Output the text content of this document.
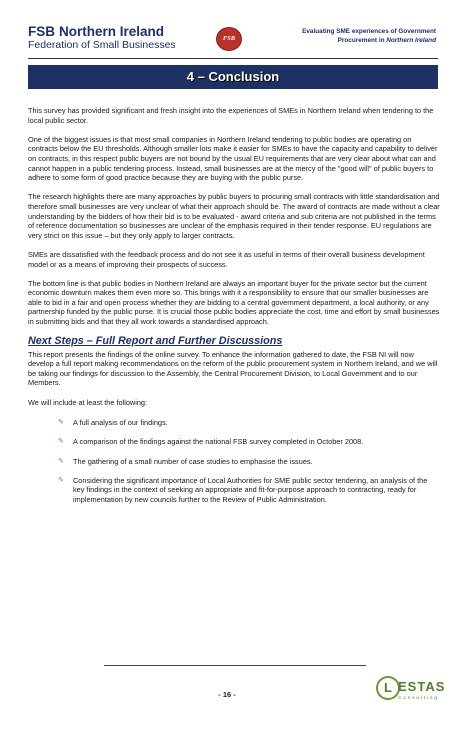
FSB Northern Ireland
Federation of Small Businesses
FSB
Evaluating SME experiences of Government
Procurement in Northern Ireland
4 – Conclusion

This survey has provided significant and fresh insight into the experiences of SMEs in Northern Ireland when tendering to the local public sector.

One of the biggest issues is that most small companies in Northern Ireland tendering to public bodies are operating on contracts below the EU thresholds. Although smaller lots make it easier for SMEs to have the capacity and capability to deliver on contracts, in this respect public buyers are not bound by the usual EU requirements that are very clear about what can and cannot happen in a public tendering process. Instead, small businesses are at the mercy of the "good will" of public buyers to adhere to some form of good practice because they are buying with the public purse.

The research highlights there are many approaches by public buyers to procuring small contracts with little standardisation and therefore small businesses are very unclear of what their approach should be. The award of contracts are made without a clear understanding by the bidders of how their bid is to be evaluated - award criteria and sub criteria are not published in the terms of reference documentation so businesses are unclear of the emphasis required in their tender response. EU regulations are very strict on this issue – but they only apply to larger contracts.

SMEs are dissatisfied with the feedback process and do not see it as useful in terms of their overall business development model or as a means of improving their prospects of success.

The bottom line is that public bodies in Northern Ireland are always an important buyer for the private sector but the current economic downturn makes them even more so. This brings with it a responsibility to ensure that our smaller businesses are able to bid in a fair and open process whether they are bidding to a central government department, a local authority, or any partnership funded by the public purse. It is crucial those public bodies appreciate the cost, time and effort by small businesses in submitting bids and that they all work towards a standardised approach.

Next Steps – Full Report and Further Discussions

This report presents the findings of the online survey. To enhance the information gathered to date, the FSB NI will now develop a full report making recommendations on the reform of the public procurement system in Northern Ireland, and we will be taking our findings for discussion to the Assembly, the Central Procurement Division, to Local Government and to our Members.

We will include at least the following:

✎ A full analysis of our findings.
✎ A comparison of the findings against the national FSB survey completed in October 2008.
✎ The gathering of a small number of case studies to emphasise the issues.
✎ Considering the significant importance of Local Authorities for SME public sector tendering, an analysis of the key findings in the context of seeking an appropriate and fit-for-purpose approach to contracting, ready for implementation by new councils further to the Review of Public Administration.
- 16 -	L ESTAS
Consulting
